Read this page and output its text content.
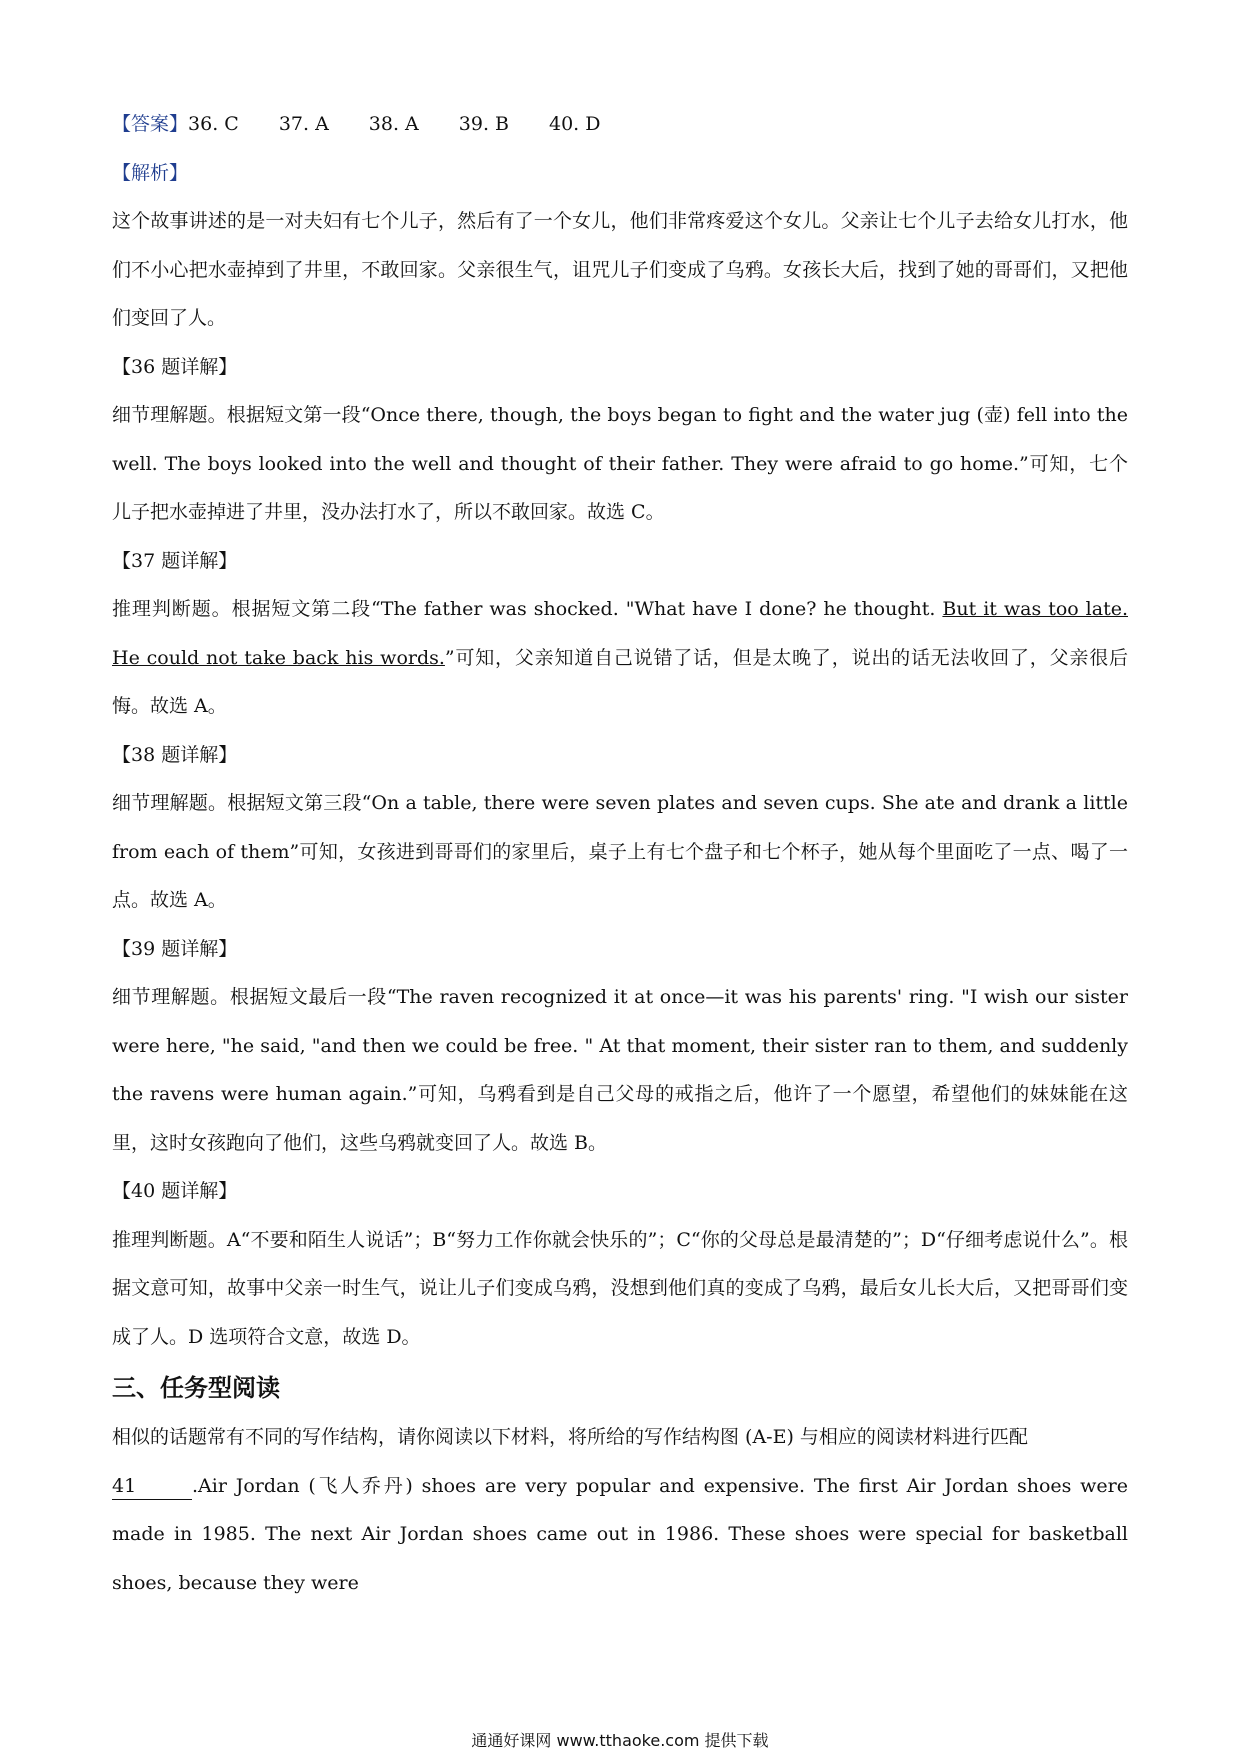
【答案】36. C 37. A 38. A 39. B 40. D
【解析】

这个故事讲述的是一对夫妇有七个儿子，然后有了一个女儿，他们非常疼爱这个女儿。父亲让七个儿子去给女儿打水，他们不小心把水壶掉到了井里，不敢回家。父亲很生气，诅咒儿子们变成了乌鸦。女孩长大后，找到了她的哥哥们，又把他们变回了人。

【36 题详解】

细节理解题。根据短文第一段“Once there, though, the boys began to fight and the water jug (壶) fell into the well. The boys looked into the well and thought of their father. They were afraid to go home.”可知，七个儿子把水壶掉进了井里，没办法打水了，所以不敢回家。故选 C。

【37 题详解】

推理判断题。根据短文第二段“The father was shocked. "What have I done? he thought. But it was too late. He could not take back his words.”可知，父亲知道自己说错了话，但是太晚了，说出的话无法收回了，父亲很后悔。故选 A。

【38 题详解】

细节理解题。根据短文第三段“On a table, there were seven plates and seven cups. She ate and drank a little from each of them”可知，女孩进到哥哥们的家里后，桌子上有七个盘子和七个杯子，她从每个里面吃了一点、喝了一点。故选 A。

【39 题详解】

细节理解题。根据短文最后一段“The raven recognized it at once—it was his parents' ring. "I wish our sister were here, "he said, "and then we could be free. " At that moment, their sister ran to them, and suddenly the ravens were human again.”可知，乌鸦看到是自己父母的戒指之后，他许了一个愿望，希望他们的妹妹能在这里，这时女孩跑向了他们，这些乌鸦就变回了人。故选 B。

【40 题详解】

推理判断题。A“不要和陌生人说话”；B“努力工作你就会快乐的”；C“你的父母总是最清楚的”；D“仔细考虑说什么”。根据文意可知，故事中父亲一时生气，说让儿子们变成乌鸦，没想到他们真的变成了乌鸦，最后女儿长大后，又把哥哥们变成了人。D 选项符合文意，故选 D。

三、任务型阅读

相似的话题常有不同的写作结构，请你阅读以下材料，将所给的写作结构图 (A-E) 与相应的阅读材料进行匹配

41	.Air Jordan (飞人乔丹) shoes are very popular and expensive. The first Air Jordan shoes were made in 1985. The next Air Jordan shoes came out in 1986. These shoes were special for basketball shoes, because they were

通通好课网 www.tthaoke.com 提供下载
